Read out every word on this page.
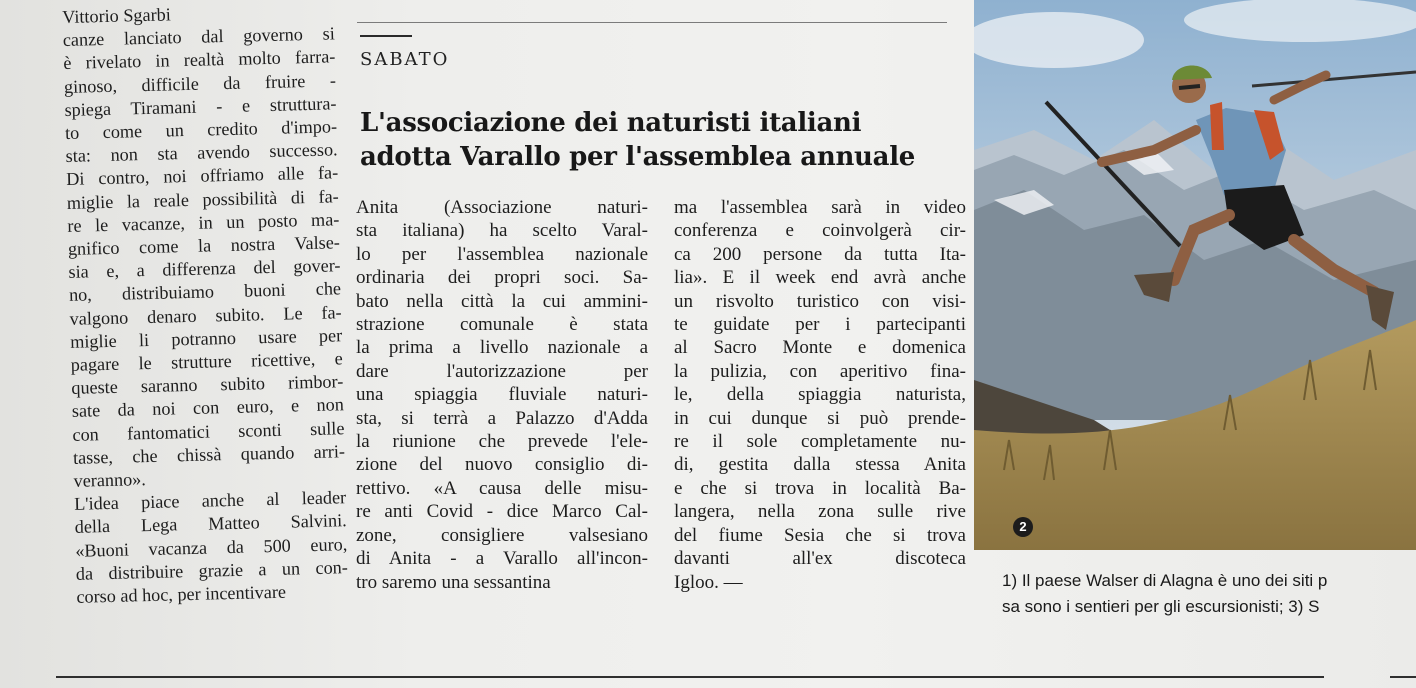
Vittorio Sgarbi
canze lanciato dal governo si
è rivelato in realtà molto farra-
ginoso, difficile da fruire -
spiega Tiramani - e struttura-
to come un credito d'impo-
sta: non sta avendo successo.
Di contro, noi offriamo alle fa-
miglie la reale possibilità di fa-
re le vacanze, in un posto ma-
gnifico come la nostra Valse-
sia e, a differenza del gover-
no, distribuiamo buoni che
valgono denaro subito. Le fa-
miglie li potranno usare per
pagare le strutture ricettive, e
queste saranno subito rimbor-
sate da noi con euro, e non
con fantomatici sconti sulle
tasse, che chissà quando arri-
veranno».
L'idea piace anche al leader
della Lega Matteo Salvini.
«Buoni vacanza da 500 euro,
da distribuire grazie a un con-
corso ad hoc, per incentivare
SABATO
L'associazione dei naturisti italiani
adotta Varallo per l'assemblea annuale
Anita (Associazione naturi-
sta italiana) ha scelto Varal-
lo per l'assemblea nazionale
ordinaria dei propri soci. Sa-
bato nella città la cui ammini-
strazione comunale è stata
la prima a livello nazionale a
dare l'autorizzazione per
una spiaggia fluviale naturi-
sta, si terrà a Palazzo d'Adda
la riunione che prevede l'ele-
zione del nuovo consiglio di-
rettivo. «A causa delle misu-
re anti Covid - dice Marco Cal-
zone, consigliere valsesiano
di Anita - a Varallo all'incon-
tro saremo una sessantina
ma l'assemblea sarà in video
conferenza e coinvolgerà cir-
ca 200 persone da tutta Ita-
lia». E il week end avrà anche
un risvolto turistico con visi-
te guidate per i partecipanti
al Sacro Monte e domenica
la pulizia, con aperitivo fina-
le, della spiaggia naturista,
in cui dunque si può prende-
re il sole completamente nu-
di, gestita dalla stessa Anita
e che si trova in località Ba-
langera, nella zona sulle rive
del fiume Sesia che si trova
davanti all'ex discoteca
Igloo. —
2
1) Il paese Walser di Alagna è uno dei siti p
sa sono i sentieri per gli escursionisti; 3) S
